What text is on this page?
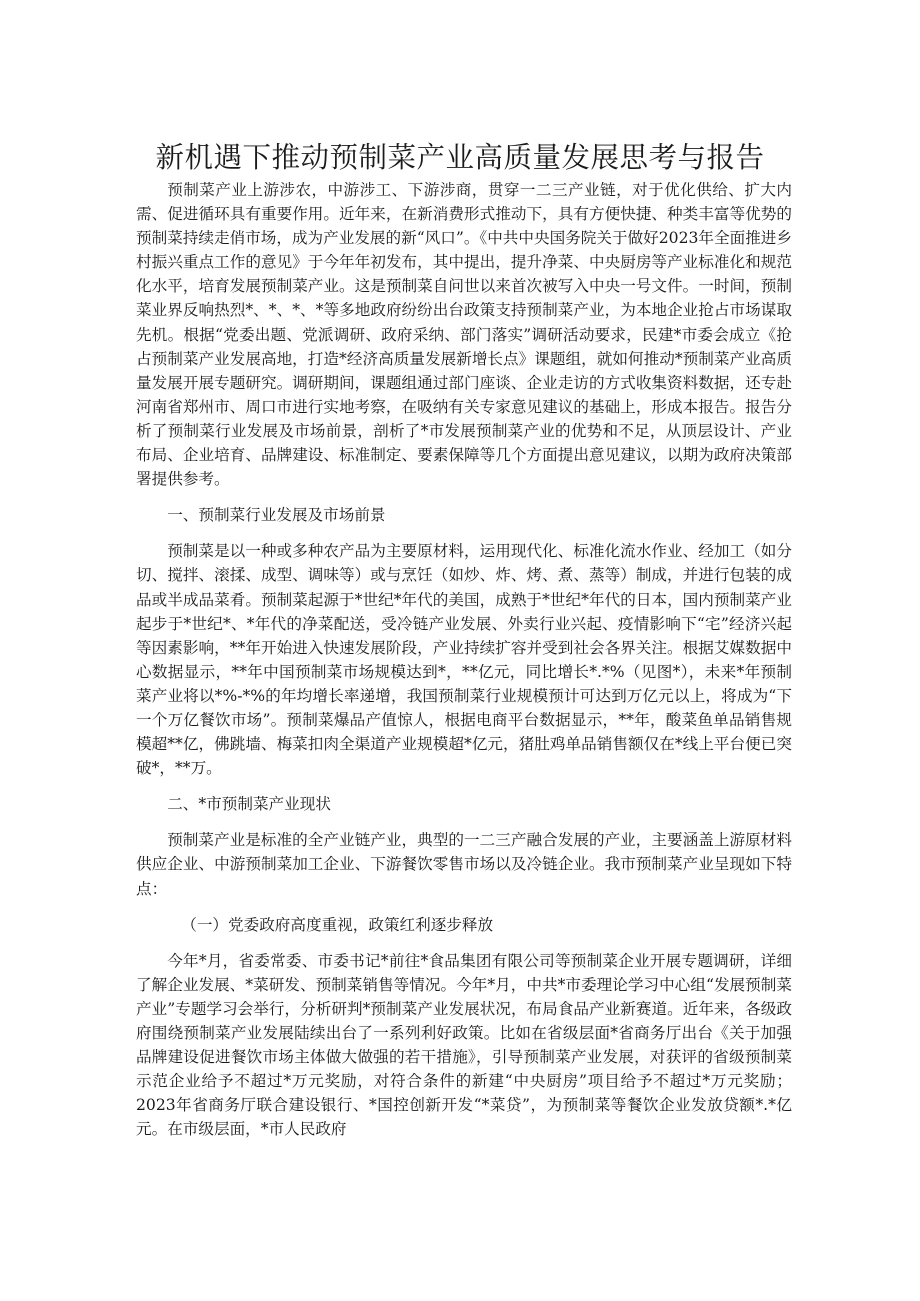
新机遇下推动预制菜产业高质量发展思考与报告

预制菜产业上游涉农，中游涉工、下游涉商，贯穿一二三产业链，对于优化供给、扩大内需、促进循环具有重要作用。近年来，在新消费形式推动下，具有方便快捷、种类丰富等优势的预制菜持续走俏市场，成为产业发展的新“风口”。《中共中央国务院关于做好2023年全面推进乡村振兴重点工作的意见》于今年年初发布，其中提出，提升净菜、中央厨房等产业标准化和规范化水平，培育发展预制菜产业。这是预制菜自问世以来首次被写入中央一号文件。一时间，预制菜业界反响热烈*、*、*、*等多地政府纷纷出台政策支持预制菜产业，为本地企业抢占市场谋取先机。根据“党委出题、党派调研、政府采纳、部门落实”调研活动要求，民建*市委会成立《抢占预制菜产业发展高地，打造*经济高质量发展新增长点》课题组，就如何推动*预制菜产业高质量发展开展专题研究。调研期间，课题组通过部门座谈、企业走访的方式收集资料数据，还专赴河南省郑州市、周口市进行实地考察，在吸纳有关专家意见建议的基础上，形成本报告。报告分析了预制菜行业发展及市场前景，剖析了*市发展预制菜产业的优势和不足，从顶层设计、产业布局、企业培育、品牌建设、标准制定、要素保障等几个方面提出意见建议，以期为政府决策部署提供参考。

一、预制菜行业发展及市场前景

预制菜是以一种或多种农产品为主要原材料，运用现代化、标准化流水作业、经加工（如分切、搅拌、滚揉、成型、调味等）或与烹饪（如炒、炸、烤、煮、蒸等）制成，并进行包装的成品或半成品菜肴。预制菜起源于*世纪*年代的美国，成熟于*世纪*年代的日本，国内预制菜产业起步于*世纪*、*年代的净菜配送，受冷链产业发展、外卖行业兴起、疫情影响下“宅”经济兴起等因素影响，**年开始进入快速发展阶段，产业持续扩容并受到社会各界关注。根据艾媒数据中心数据显示，**年中国预制菜市场规模达到*，**亿元，同比增长*.*%（见图*），未来*年预制菜产业将以*%-*%的年均增长率递增，我国预制菜行业规模预计可达到万亿元以上，将成为“下一个万亿餐饮市场”。预制菜爆品产值惊人，根据电商平台数据显示，**年，酸菜鱼单品销售规模超**亿，佛跳墙、梅菜扣肉全渠道产业规模超*亿元，猪肚鸡单品销售额仅在*线上平台便已突破*，**万。

二、*市预制菜产业现状

预制菜产业是标准的全产业链产业，典型的一二三产融合发展的产业，主要涵盖上游原材料供应企业、中游预制菜加工企业、下游餐饮零售市场以及冷链企业。我市预制菜产业呈现如下特点：

（一）党委政府高度重视，政策红利逐步释放

今年*月，省委常委、市委书记*前往*食品集团有限公司等预制菜企业开展专题调研，详细了解企业发展、*菜研发、预制菜销售等情况。今年*月，中共*市委理论学习中心组“发展预制菜产业”专题学习会举行，分析研判*预制菜产业发展状况，布局食品产业新赛道。近年来，各级政府围绕预制菜产业发展陆续出台了一系列利好政策。比如在省级层面*省商务厅出台《关于加强品牌建设促进餐饮市场主体做大做强的若干措施》，引导预制菜产业发展，对获评的省级预制菜示范企业给予不超过*万元奖励，对符合条件的新建“中央厨房”项目给予不超过*万元奖励；2023年省商务厅联合建设银行、*国控创新开发“*菜贷”，为预制菜等餐饮企业发放贷额*.*亿元。在市级层面，*市人民政府
